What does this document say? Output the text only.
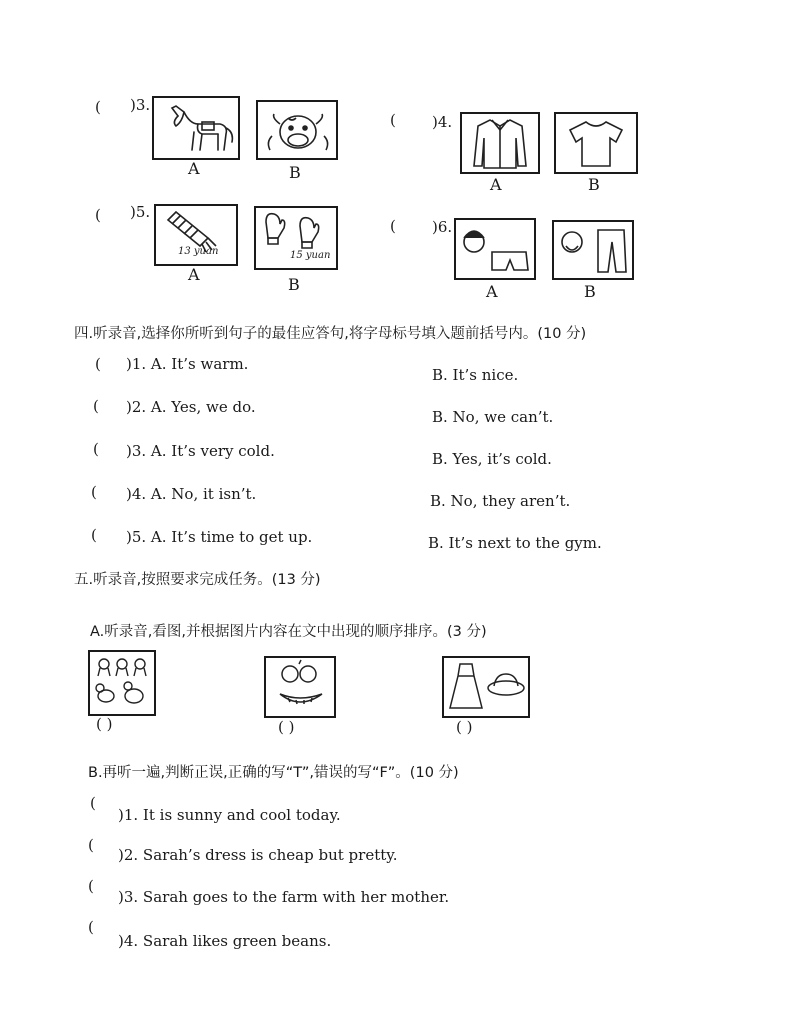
( )3.
A	B
( )4.
A	B
( )5.
13 yuan
A
15 yuan
B
( )6.
A	B
四.听录音,选择你所听到句子的最佳应答句,将字母标号填入题前括号内。(10 分)
( )1. A. It’s warm.
B. It’s nice.
( )2. A. Yes, we do.
B. No, we can’t.
( )3. A. It’s very cold.	B. Yes, it’s cold.
( )4. A. No, it isn’t.	B. No, they aren’t.
( )5. A. It’s time to get up.	B. It’s next to the gym.
五.听录音,按照要求完成任务。(13 分)
A.听录音,看图,并根据图片内容在文中出现的顺序排序。(3 分)
( )	( )	( )
B.再听一遍,判断正误,正确的写“T”,错误的写“F”。(10 分)
(
)1. It is sunny and cool today.
(
)2. Sarah’s dress is cheap but pretty.
(
)3. Sarah goes to the farm with her mother.
(
)4. Sarah likes green beans.
